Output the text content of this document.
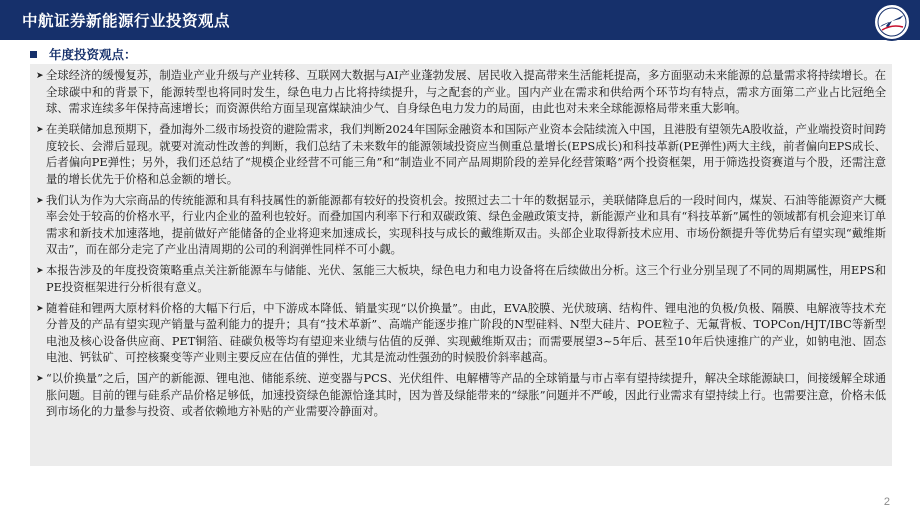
中航证券新能源行业投资观点
年度投资观点：
➤ 全球经济的缓慢复苏，制造业产业升级与产业转移、互联网大数据与AI产业蓬勃发展、居民收入提高带来生活能耗提高，多方面驱动未来能源的总量需求将持续增长。在全球碳中和的背景下，能源转型也将同时发生，绿色电力占比将持续提升，与之配套的产业。国内产业在需求和供给两个环节均有特点，需求方面第二产业占比冠绝全球、需求连续多年保持高速增长；而资源供给方面呈现富煤缺油少气、自身绿色电力发力的局面，由此也对未来全球能源格局带来重大影响。
➤ 在美联储加息预期下，叠加海外二级市场投资的避险需求，我们判断2024年国际金融资本和国际产业资本会陆续流入中国，且港股有望领先A股收益，产业端投资时间跨度较长、会滞后显现。就要对流动性改善的判断，我们总结了未来数年的能源领域投资应当侧重总量增长(EPS成长)和科技革新(PE弹性)两大主线，前者偏向EPS成长、后者偏向PE弹性；另外，我们还总结了“规模企业经营不可能三角”和“制造业不同产品周期阶段的差异化经营策略”两个投资框架，用于筛选投资赛道与个股，还需注意量的增长优先于价格和总金额的增长。
➤ 我们认为作为大宗商品的传统能源和具有科技属性的新能源都有较好的投资机会。按照过去二十年的数据显示，美联储降息后的一段时间内，煤炭、石油等能源资产大概率会处于较高的价格水平，行业内企业的盈利也较好。而叠加国内利率下行和双碳政策、绿色金融政策支持，新能源产业和具有“科技革新”属性的领域都有机会迎来订单需求和新技术加速落地，提前做好产能储备的企业将迎来加速成长，实现科技与成长的戴维斯双击。头部企业取得新技术应用、市场份额提升等优势后有望实现“戴维斯双击”，而在部分走完了产业出清周期的公司的利润弹性同样不可小觑。
➤ 本报告涉及的年度投资策略重点关注新能源车与储能、光伏、氢能三大板块，绿色电力和电力设备将在后续做出分析。这三个行业分别呈现了不同的周期属性，用EPS和PE投资框架进行分析很有意义。
➤ 随着硅和锂两大原材料价格的大幅下行后，中下游成本降低、销量实现“以价换量”。由此，EVA胶膜、光伏玻璃、结构件、锂电池的负极/负极、隔膜、电解液等技术充分普及的产品有望实现产销量与盈利能力的提升；具有“技术革新”、高端产能逐步推广阶段的N型硅料、N型大硅片、POE粒子、无氟背板、TOPCon/HJT/IBC等新型电池及核心设备供应商、PET铜箔、硅碳负极等均有望迎来业绩与估值的反弹、实现戴维斯双击；而需要展望3~5年后、甚至10年后快速推广的产业，如钠电池、固态电池、钙钛矿、可控核聚变等产业则主要反应在估值的弹性，尤其是流动性强劲的时候股价斜率越高。
➤ “以价换量”之后，国产的新能源、锂电池、储能系统、逆变器与PCS、光伏组件、电解槽等产品的全球销量与市占率有望持续提升，解决全球能源缺口，间接缓解全球通胀问题。目前的锂与硅系产品价格足够低，加速投资绿色能源恰逢其时，因为普及绿能带来的“绿胀”问题并不严峻，因此行业需求有望持续上行。也需要注意，价格未低到市场化的力量参与投资、或者依赖地方补贴的产业需要冷静面对。
2
